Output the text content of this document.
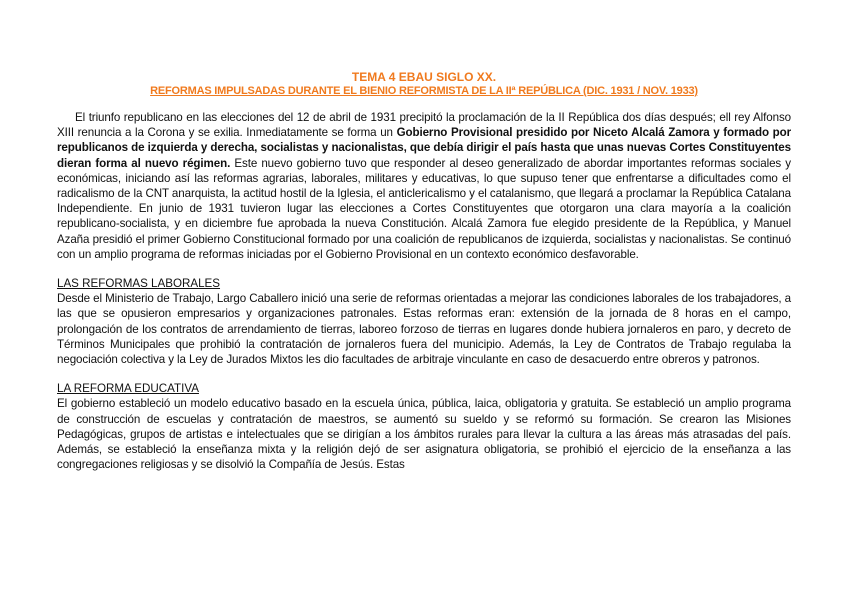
TEMA 4 EBAU SIGLO XX.

REFORMAS IMPULSADAS DURANTE EL BIENIO REFORMISTA DE LA IIª REPÚBLICA (DIC. 1931 / NOV. 1933)

El triunfo republicano en las elecciones del 12 de abril de 1931 precipitó la proclamación de la II República dos días después; ell rey Alfonso XIII renuncia a la Corona y se exilia. Inmediatamente se forma un Gobierno Provisional presidido por Niceto Alcalá Zamora y formado por republicanos de izquierda y derecha, socialistas y nacionalistas, que debía dirigir el país hasta que unas nuevas Cortes Constituyentes dieran forma al nuevo régimen. Este nuevo gobierno tuvo que responder al deseo generalizado de abordar importantes reformas sociales y económicas, iniciando así las reformas agrarias, laborales, militares y educativas, lo que supuso tener que enfrentarse a dificultades como el radicalismo de la CNT anarquista, la actitud hostil de la Iglesia, el anticlericalismo y el catalanismo, que llegará a proclamar la República Catalana Independiente. En junio de 1931 tuvieron lugar las elecciones a Cortes Constituyentes que otorgaron una clara mayoría a la coalición republicano-socialista, y en diciembre fue aprobada la nueva Constitución. Alcalá Zamora fue elegido presidente de la República, y Manuel Azaña presidió el primer Gobierno Constitucional formado por una coalición de republicanos de izquierda, socialistas y nacionalistas. Se continuó con un amplio programa de reformas iniciadas por el Gobierno Provisional en un contexto económico desfavorable.

LAS REFORMAS LABORALES

Desde el Ministerio de Trabajo, Largo Caballero inició una serie de reformas orientadas a mejorar las condiciones laborales de los trabajadores, a las que se opusieron empresarios y organizaciones patronales. Estas reformas eran: extensión de la jornada de 8 horas en el campo, prolongación de los contratos de arrendamiento de tierras, laboreo forzoso de tierras en lugares donde hubiera jornaleros en paro, y decreto de Términos Municipales que prohibió la contratación de jornaleros fuera del municipio. Además, la Ley de Contratos de Trabajo regulaba la negociación colectiva y la Ley de Jurados Mixtos les dio facultades de arbitraje vinculante en caso de desacuerdo entre obreros y patronos.

LA REFORMA EDUCATIVA

El gobierno estableció un modelo educativo basado en la escuela única, pública, laica, obligatoria y gratuita. Se estableció un amplio programa de construcción de escuelas y contratación de maestros, se aumentó su sueldo y se reformó su formación. Se crearon las Misiones Pedagógicas, grupos de artistas e intelectuales que se dirigían a los ámbitos rurales para llevar la cultura a las áreas más atrasadas del país. Además, se estableció la enseñanza mixta y la religión dejó de ser asignatura obligatoria, se prohibió el ejercicio de la enseñanza a las congregaciones religiosas y se disolvió la Compañía de Jesús. Estas
